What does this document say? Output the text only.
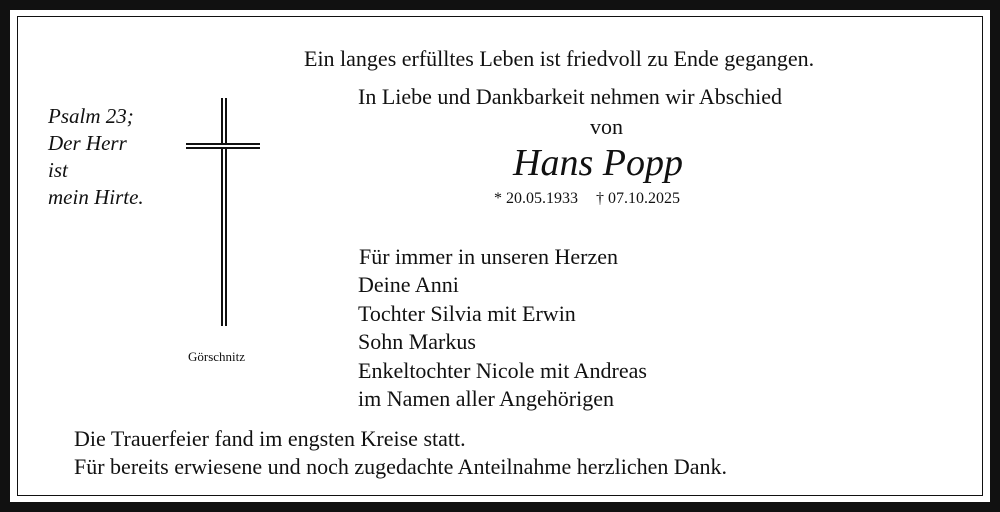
Ein langes erfülltes Leben ist friedvoll zu Ende gegangen.
In Liebe und Dankbarkeit nehmen wir Abschied
von
Hans Popp
* 20.05.1933 † 07.10.2025
Psalm 23;
Der Herr
ist
mein Hirte.
Görschnitz
Für immer in unseren Herzen
Deine Anni
Tochter Silvia mit Erwin
Sohn Markus
Enkeltochter Nicole mit Andreas
im Namen aller Angehörigen
Die Trauerfeier fand im engsten Kreise statt.
Für bereits erwiesene und noch zugedachte Anteilnahme herzlichen Dank.
